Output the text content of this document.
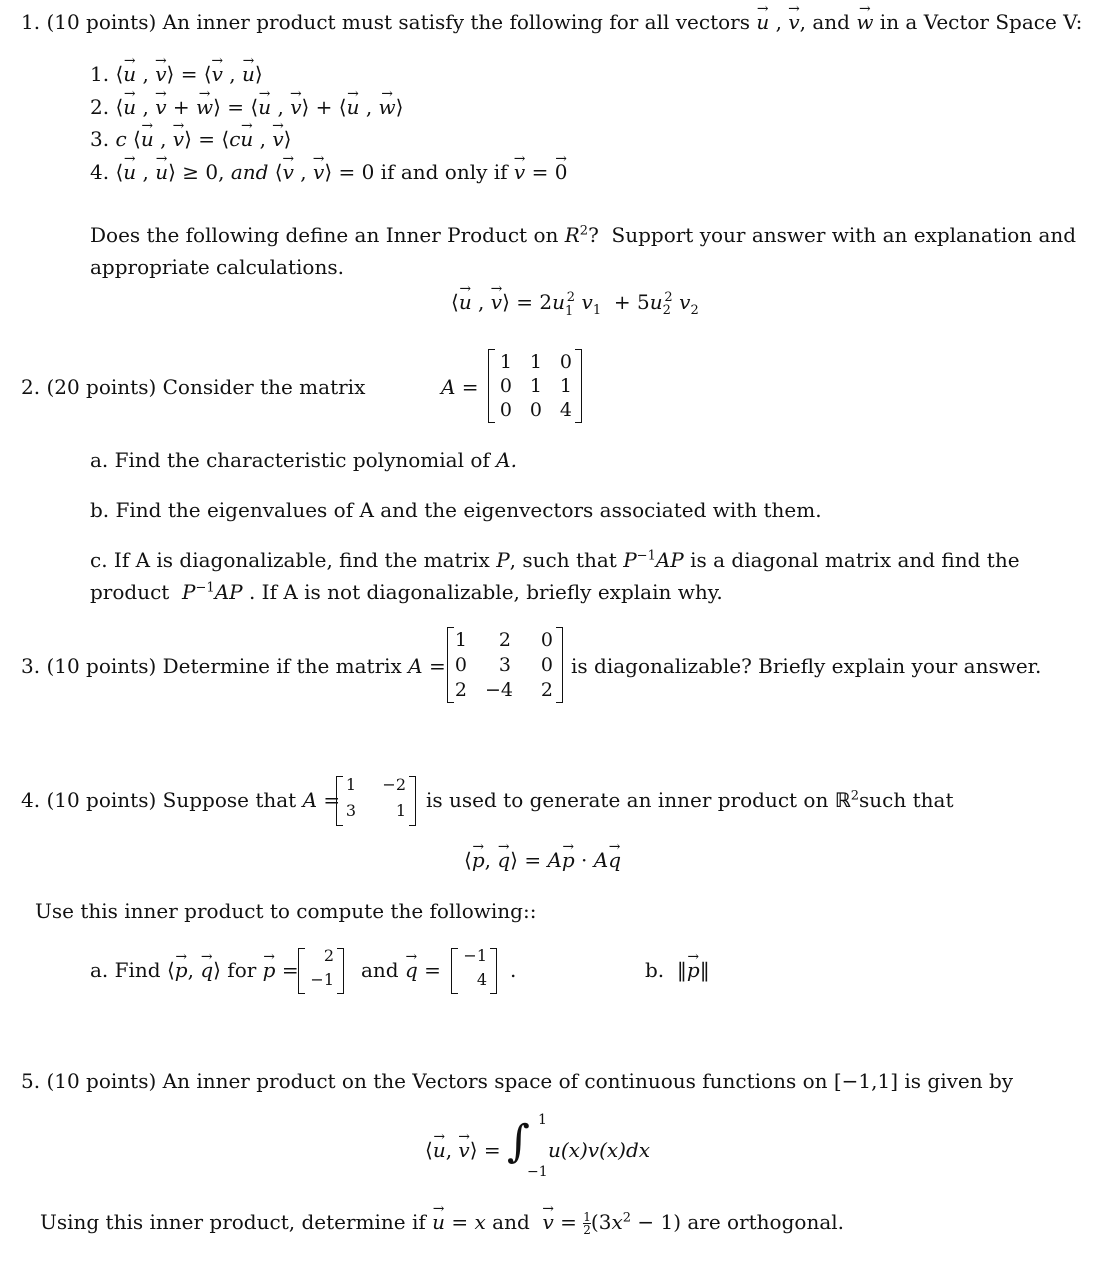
1. (10 points) An inner product must satisfy the following for all vectors → u , → v, and → w in a Vector Space V:
1. ⟨→ u , → v⟩ = ⟨→ v , → u⟩
2. ⟨→ u , → v + → w⟩ = ⟨→ u , → v⟩ + ⟨→ u , → w⟩
3. c ⟨→ u , → v⟩ = ⟨c→ u , → v⟩
4. ⟨→ u , → u⟩ ≥ 0, and ⟨→ v , → v⟩ = 0 if and only if → v = → 0
Does the following define an Inner Product on $R^2$?  Support your answer with an explanation and
appropriate calculations.
⟨→ u , → v⟩ = $2u_1^2$ $v_1 + 5u_2^2$ $v_2$
2. (20 points) Consider the matrix	A =
1 1 0
0 1 1
0 0 4
a. Find the characteristic polynomial of A.
b. Find the eigenvalues of A and the eigenvectors associated with them.
c. If A is diagonalizable, find the matrix P, such that $P^{-1}AP$ is a diagonal matrix and find the
product $P^{-1}AP$ . If A is not diagonalizable, briefly explain why.
3. (10 points) Determine if the matrix A =
1	2	0
0	3	0
2 −4	2
is diagonalizable? Briefly explain your answer.
4. (10 points) Suppose that A =
1 −2
3	1 is used to generate an inner product on ℝ$^2$such that
⟨→ p, → q⟩ = A→ p · A→ q
Use this inner product to compute the following::
a. Find ⟨→ p, → q⟩ for → p =
2
−1 and → q =
−1
4 .	b.  ‖→ p‖
5. (10 points) An inner product on the Vectors space of continuous functions on [−1,1] is given by
⟨→ u, → v⟩ = ∫ 1
−1
u(x)v(x)dx
Using this inner product, determine if → u = x and → $v = \frac{1}{2} (3x^2 - 1)$ are orthogonal.
